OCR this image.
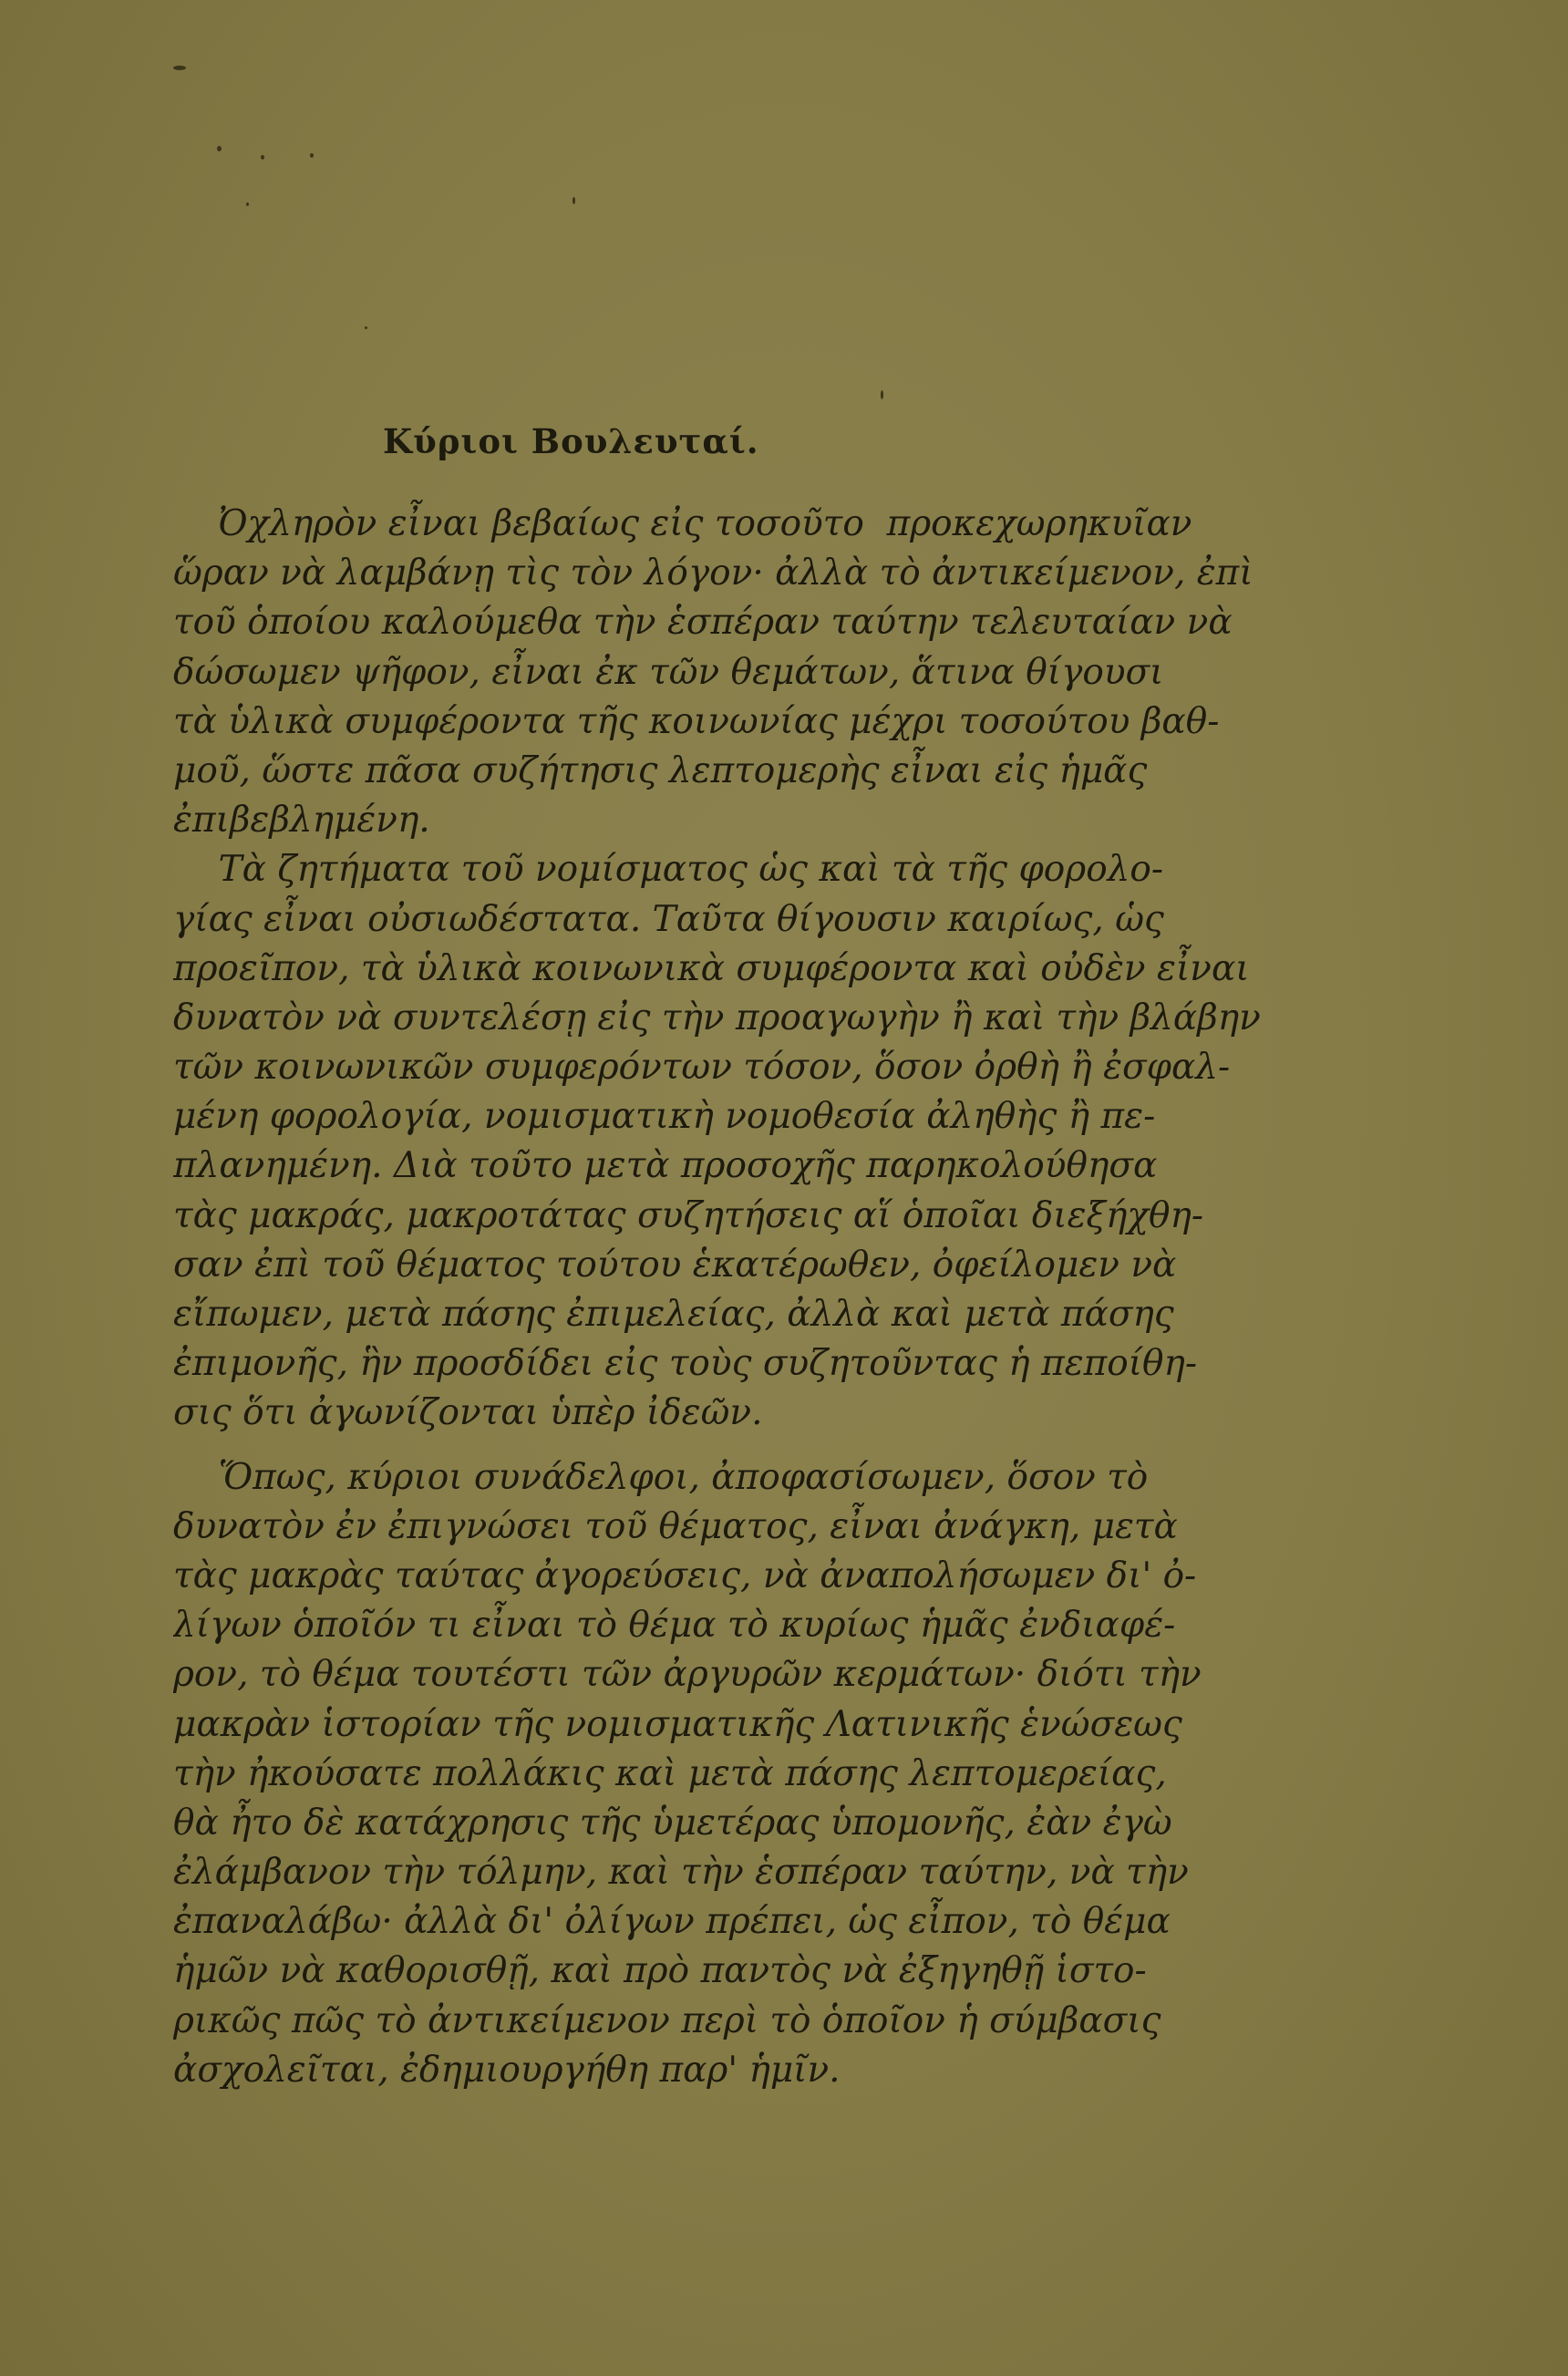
Κύριοι Βουλευταί.
Ὀχληρὸν εἶναι βεβαίως εἰς τοσοῦτο  προκεχωρηκυῖαν
ὥραν νὰ λαμβάνῃ τὶς τὸν λόγον· ἀλλὰ τὸ ἀντικείμενον, ἐπὶ
τοῦ ὁποίου καλούμεθα τὴν ἑσπέραν ταύτην τελευταίαν νὰ
δώσωμεν ψῆφον, εἶναι ἐκ τῶν θεμάτων, ἅτινα θίγουσι
τὰ ὑλικὰ συμφέροντα τῆς κοινωνίας μέχρι τοσούτου βαθ-
μοῦ, ὥστε πᾶσα συζήτησις λεπτομερὴς εἶναι εἰς ἡμᾶς
ἐπιβεβλημένη.
Τὰ ζητήματα τοῦ νομίσματος ὡς καὶ τὰ τῆς φορολο-
γίας εἶναι οὐσιωδέστατα. Ταῦτα θίγουσιν καιρίως, ὡς
προεῖπον, τὰ ὑλικὰ κοινωνικὰ συμφέροντα καὶ οὐδὲν εἶναι
δυνατὸν νὰ συντελέσῃ εἰς τὴν προαγωγὴν ἢ καὶ τὴν βλάβην
τῶν κοινωνικῶν συμφερόντων τόσον, ὅσον ὀρθὴ ἢ ἐσφαλ-
μένη φορολογία, νομισματικὴ νομοθεσία ἀληθὴς ἢ πε-
πλανημένη. Διὰ τοῦτο μετὰ προσοχῆς παρηκολούθησα
τὰς μακράς, μακροτάτας συζητήσεις αἵ ὁποῖαι διεξήχθη-
σαν ἐπὶ τοῦ θέματος τούτου ἑκατέρωθεν, ὀφείλομεν νὰ
εἴπωμεν, μετὰ πάσης ἐπιμελείας, ἀλλὰ καὶ μετὰ πάσης
ἐπιμονῆς, ἣν προσδίδει εἰς τοὺς συζητοῦντας ἡ πεποίθη-
σις ὅτι ἀγωνίζονται ὑπὲρ ἰδεῶν.
Ὅπως, κύριοι συνάδελφοι, ἀποφασίσωμεν, ὅσον τὸ
δυνατὸν ἐν ἐπιγνώσει τοῦ θέματος, εἶναι ἀνάγκη, μετὰ
τὰς μακρὰς ταύτας ἀγορεύσεις, νὰ ἀναπολήσωμεν δι' ὀ-
λίγων ὁποῖόν τι εἶναι τὸ θέμα τὸ κυρίως ἡμᾶς ἐνδιαφέ-
ρον, τὸ θέμα τουτέστι τῶν ἀργυρῶν κερμάτων· διότι τὴν
μακρὰν ἱστορίαν τῆς νομισματικῆς Λατινικῆς ἑνώσεως
τὴν ἠκούσατε πολλάκις καὶ μετὰ πάσης λεπτομερείας,
θὰ ἦτο δὲ κατάχρησις τῆς ὑμετέρας ὑπομονῆς, ἐὰν ἐγὼ
ἐλάμβανον τὴν τόλμην, καὶ τὴν ἑσπέραν ταύτην, νὰ τὴν
ἐπαναλάβω· ἀλλὰ δι' ὀλίγων πρέπει, ὡς εἶπον, τὸ θέμα
ἡμῶν νὰ καθορισθῇ, καὶ πρὸ παντὸς νὰ ἐξηγηθῇ ἱστο-
ρικῶς πῶς τὸ ἀντικείμενον περὶ τὸ ὁποῖον ἡ σύμβασις
ἀσχολεῖται, ἐδημιουργήθη παρ' ἡμῖν.
